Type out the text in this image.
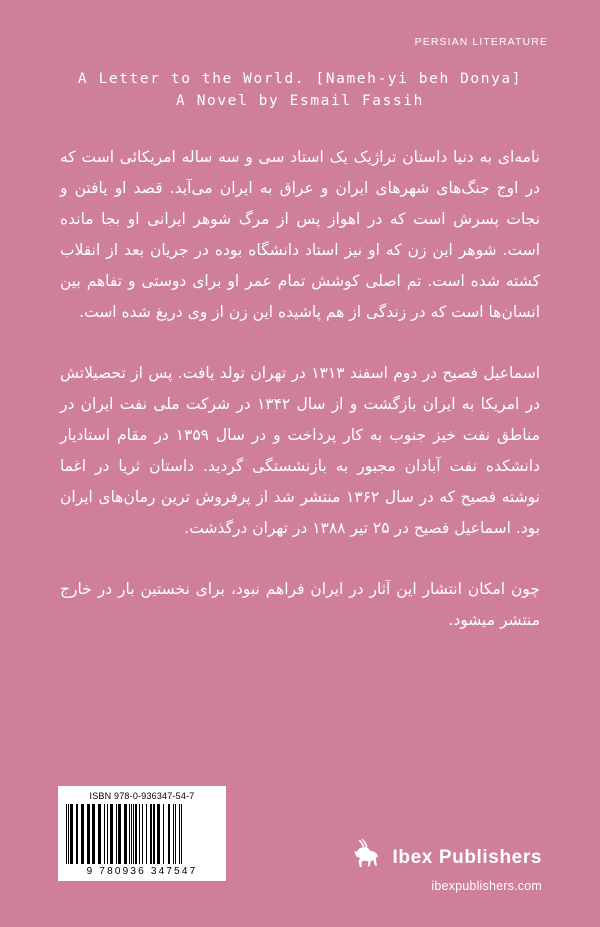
PERSIAN LITERATURE
A Letter to the World. [Nameh-yi beh Donya]
A Novel by Esmail Fassih

نامه‌ای به دنیا داستان تراژیک یک استاد سی و سه ساله امریکائی است که در اوج جنگ‌های شهرهای ایران و عراق به ایران می‌آید. قصد او یافتن و نجات پسرش است که در اهواز پس از مرگ شوهر ایرانی او بجا مانده است. شوهر این زن که او نیز استاد دانشگاه بوده در جریان بعد از انقلاب کشته شده است. تم اصلی کوشش تمام عمر او برای دوستی و تفاهم بین انسان‌ها است که در زندگی از هم پاشیده این زن از وی دریغ شده است.

اسماعیل فصیح در دوم اسفند ۱۳۱۳ در تهران تولد یافت. پس از تحصیلاتش در امریکا به ایران بازگشت و از سال ۱۳۴۲ در شرکت ملی نفت ایران در مناطق نفت خیز جنوب به کار پرداخت و در سال ۱۳۵۹ در مقام استادیار دانشکده نفت آبادان مجبور به بازنشستگی گردید. داستان ثریا در اغما نوشته فصیح که در سال ۱۳۶۲ منتشر شد از پرفروش ترین رمان‌های ایران بود. اسماعیل فصیح در ۲۵ تیر ۱۳۸۸ در تهران درگذشت.

چون امکان انتشار این آثار در ایران فراهم نبود، برای نخستین بار در خارج منتشر میشود.

ISBN 978-0-936347-54-7
9 780936 347547
Ibex Publishers
ibexpublishers.com
